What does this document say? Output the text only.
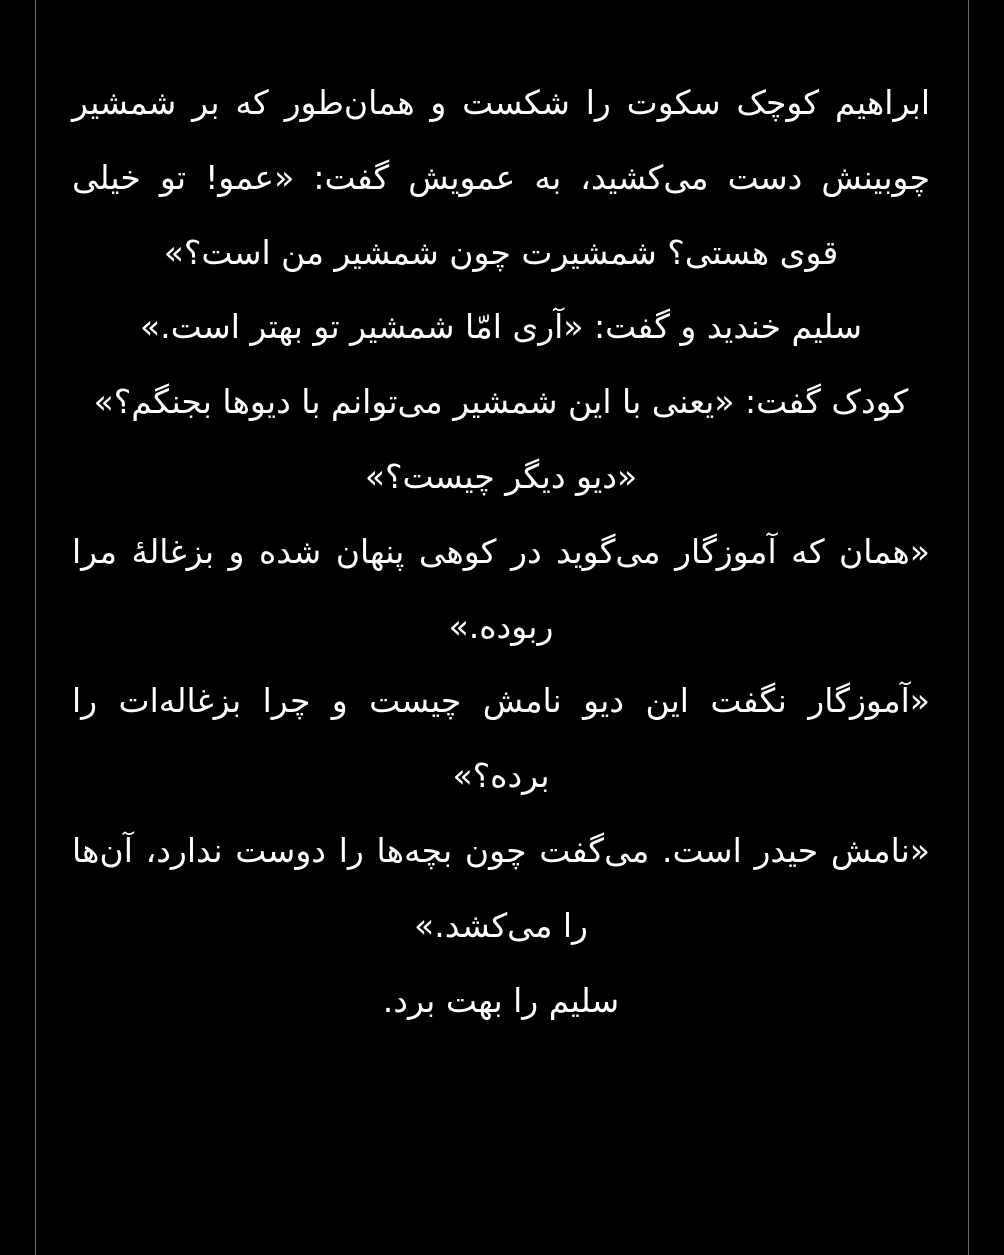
ابراهیم کوچک سکوت را شکست و همان‌طور که بر شمشیر چوبینش دست می‌کشید، به عمویش گفت: «عمو! تو خیلی قوی هستی؟ شمشیرت چون شمشیر من است؟»

سلیم خندید و گفت: «آری امّا شمشیر تو بهتر است.»

کودک گفت: «یعنی با این شمشیر می‌توانم با دیوها بجنگم؟»

«دیو دیگر چیست؟»

«همان که آموزگار می‌گوید در کوهی پنهان شده و بزغالهٔ مرا ربوده.»

«آموزگار نگفت این دیو نامش چیست و چرا بزغاله‌ات را برده؟»

«نامش حیدر است. می‌گفت چون بچه‌ها را دوست ندارد، آن‌ها را می‌کشد.»

سلیم را بهت برد.
